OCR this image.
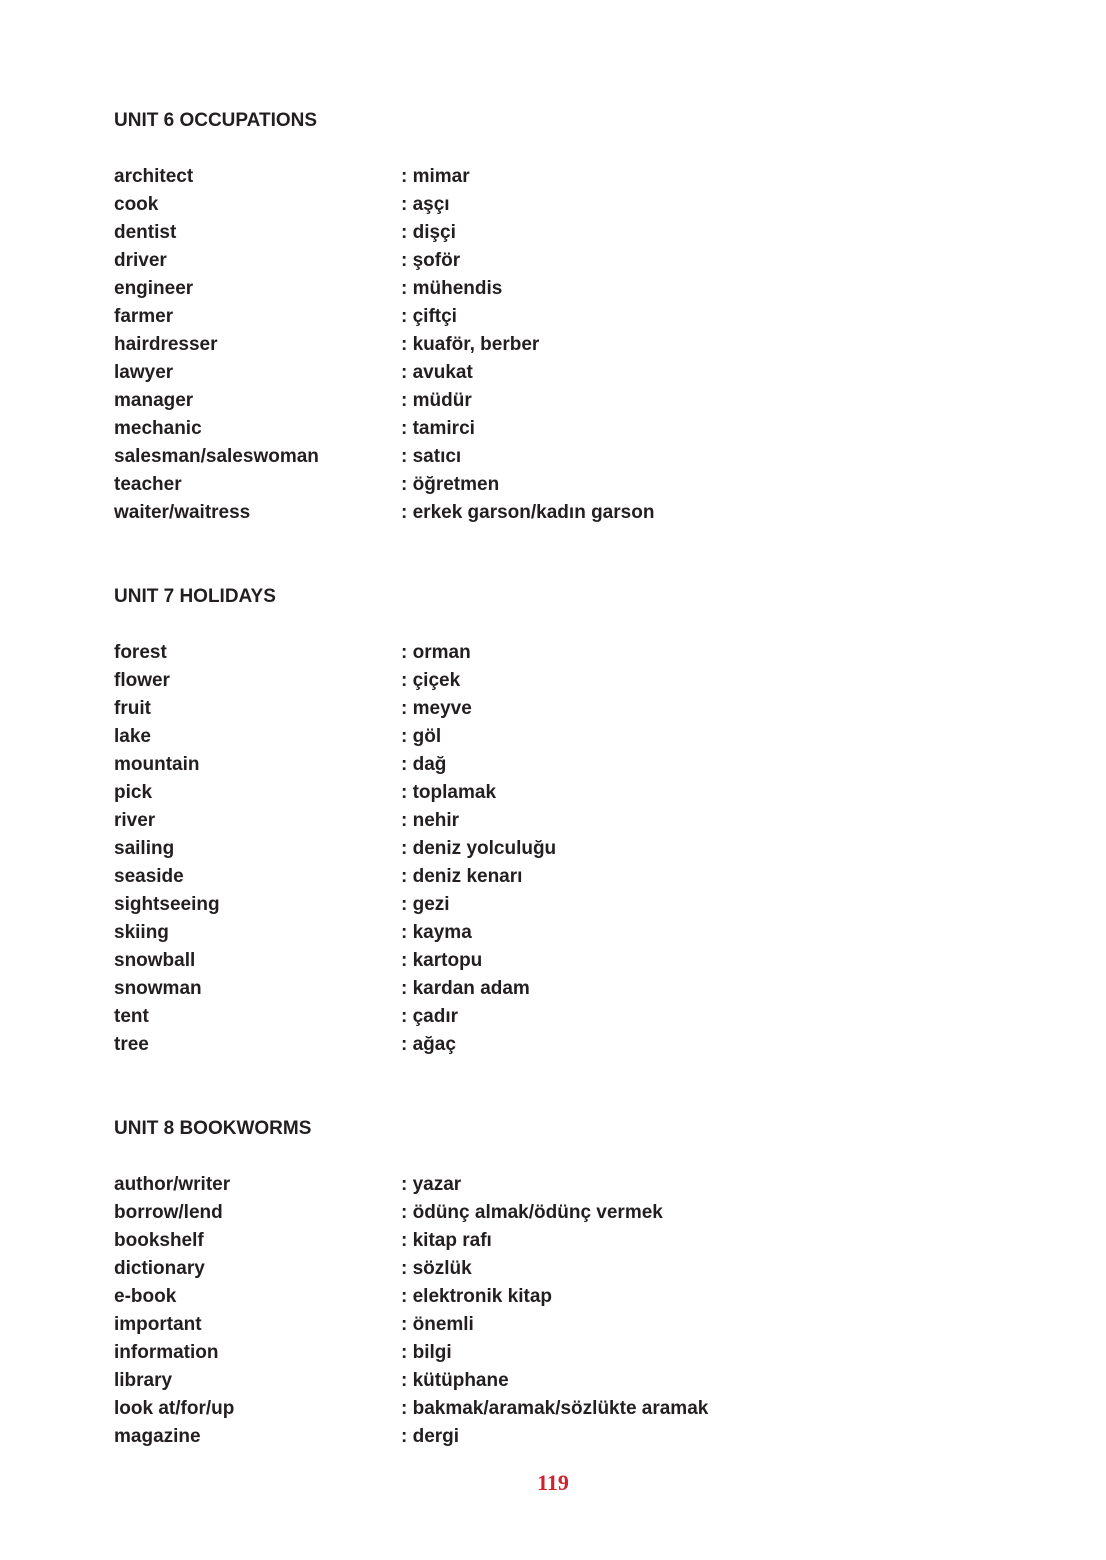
UNIT 6 OCCUPATIONS
architect	: mimar
cook	: aşçı
dentist	: dişçi
driver	: şoför
engineer	: mühendis
farmer	: çiftçi
hairdresser	: kuaför, berber
lawyer	: avukat
manager	: müdür
mechanic	: tamirci
salesman/saleswoman	: satıcı
teacher	: öğretmen
waiter/waitress	: erkek garson/kadın garson
UNIT 7 HOLIDAYS
forest	: orman
flower	: çiçek
fruit	: meyve
lake	: göl
mountain	: dağ
pick	: toplamak
river	: nehir
sailing	: deniz yolculuğu
seaside	: deniz kenarı
sightseeing	: gezi
skiing	: kayma
snowball	: kartopu
snowman	: kardan adam
tent	: çadır
tree	: ağaç
UNIT 8 BOOKWORMS
author/writer	: yazar
borrow/lend	: ödünç almak/ödünç vermek
bookshelf	: kitap rafı
dictionary	: sözlük
e-book	: elektronik kitap
important	: önemli
information	: bilgi
library	: kütüphane
look at/for/up	: bakmak/aramak/sözlükte aramak
magazine	: dergi
119
